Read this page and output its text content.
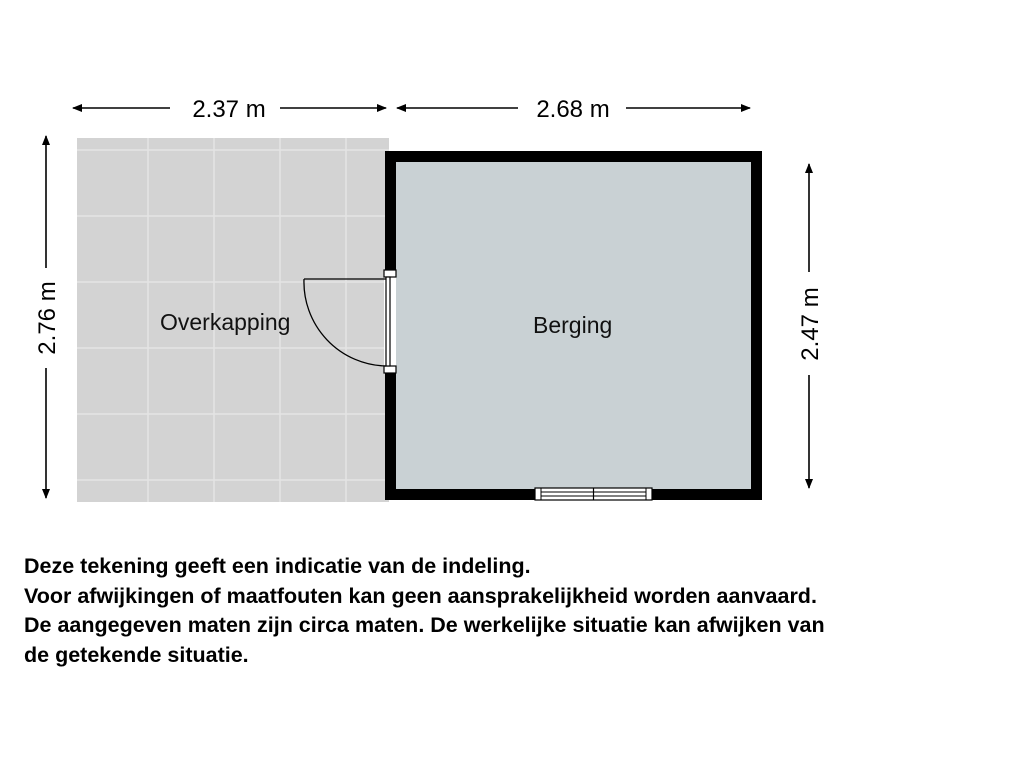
Overkapping	Berging
2.37 m	2.68 m
2.76 m	2.47 m
Deze tekening geeft een indicatie van de indeling.
Voor afwijkingen of maatfouten kan geen aansprakelijkheid worden aanvaard.
De aangegeven maten zijn circa maten. De werkelijke situatie kan afwijken van
de getekende situatie.
